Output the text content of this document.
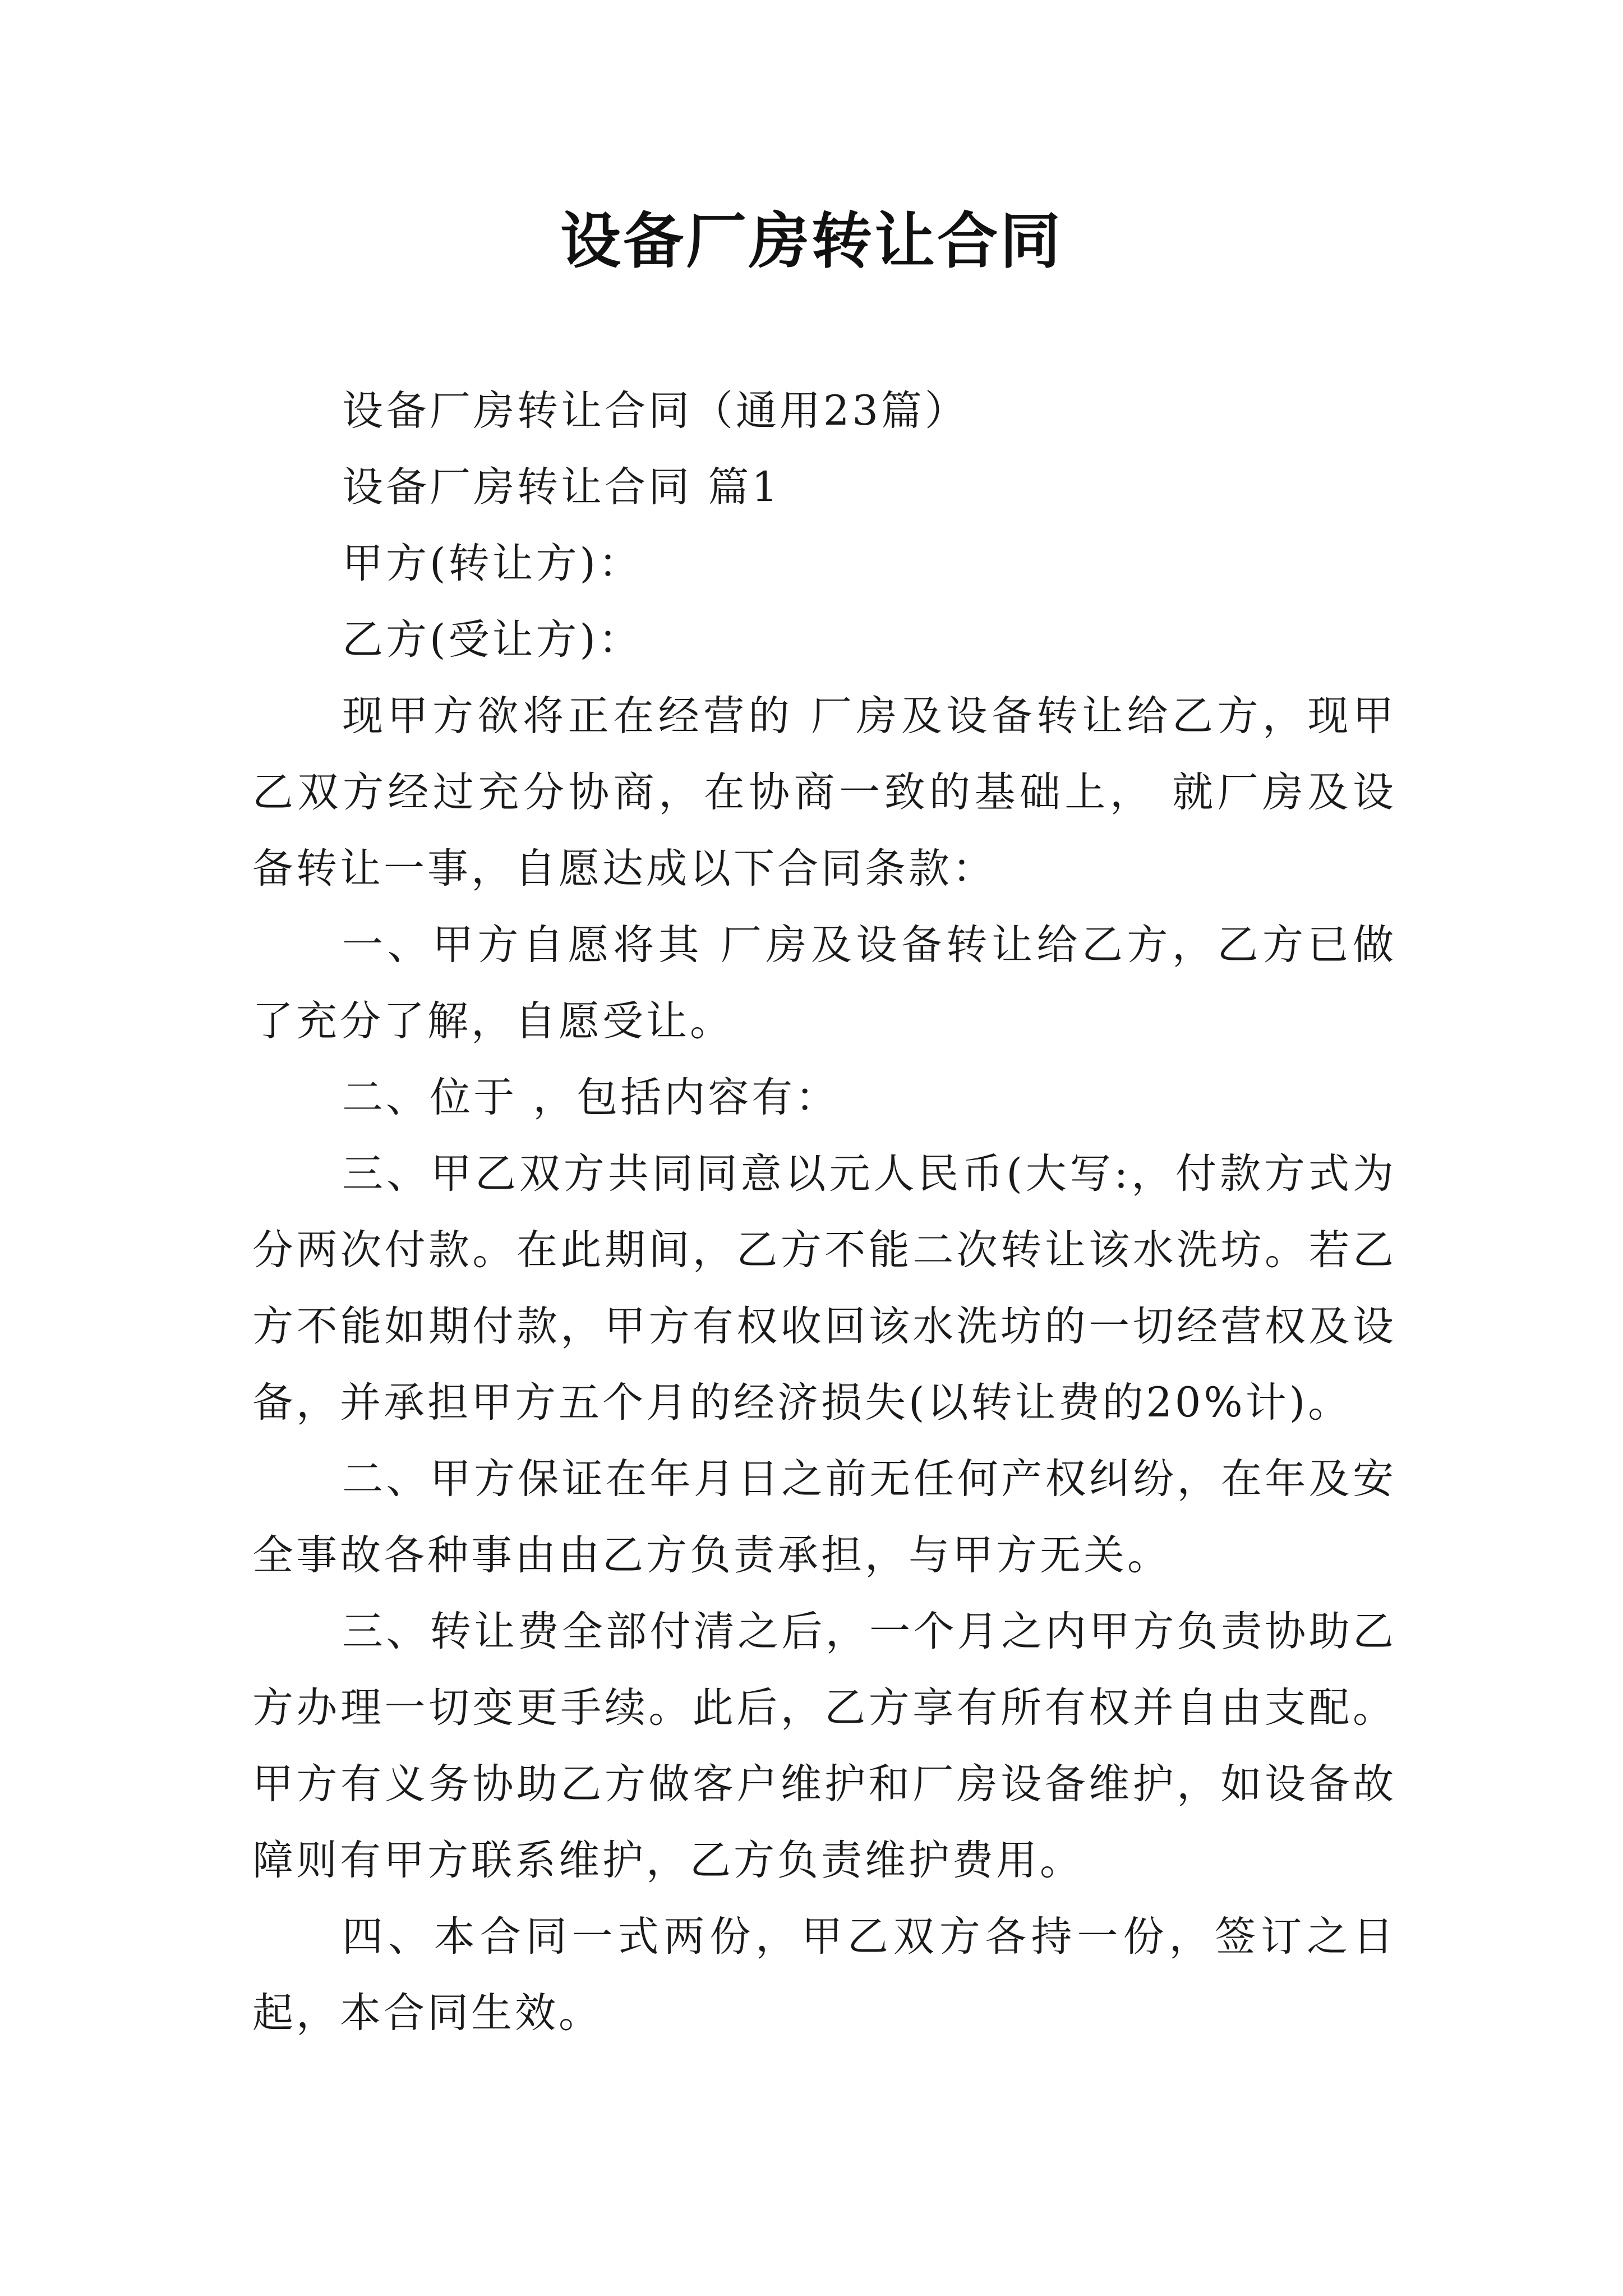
设备厂房转让合同

设备厂房转让合同（通用23篇）

设备厂房转让合同 篇1

甲方(转让方)：

乙方(受让方)：

现甲方欲将正在经营的 厂房及设备转让给乙方，现甲乙双方经过充分协商，在协商一致的基础上， 就厂房及设备转让一事，自愿达成以下合同条款：

一、甲方自愿将其 厂房及设备转让给乙方，乙方已做了充分了解，自愿受让。

二、位于 ，包括内容有：

三、甲乙双方共同同意以元人民币(大写:，付款方式为分两次付款。在此期间，乙方不能二次转让该水洗坊。若乙方不能如期付款，甲方有权收回该水洗坊的一切经营权及设备，并承担甲方五个月的经济损失(以转让费的20%计)。

二、甲方保证在年月日之前无任何产权纠纷，在年及安全事故各种事由由乙方负责承担，与甲方无关。

三、转让费全部付清之后，一个月之内甲方负责协助乙方办理一切变更手续。此后，乙方享有所有权并自由支配。甲方有义务协助乙方做客户维护和厂房设备维护，如设备故障则有甲方联系维护，乙方负责维护费用。

四、本合同一式两份，甲乙双方各持一份，签订之日起，本合同生效。
